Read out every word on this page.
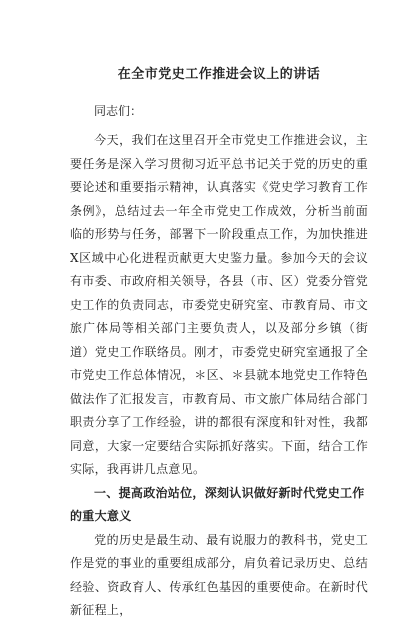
在全市党史工作推进会议上的讲话
同志们：

今天，我们在这里召开全市党史工作推进会议，主要任务是深入学习贯彻习近平总书记关于党的历史的重要论述和重要指示精神，认真落实《党史学习教育工作条例》，总结过去一年全市党史工作成效，分析当前面临的形势与任务，部署下一阶段重点工作，为加快推进X区域中心化进程贡献更大史鉴力量。参加今天的会议有市委、市政府相关领导，各县（市、区）党委分管党史工作的负责同志，市委党史研究室、市教育局、市文旅广体局等相关部门主要负责人，以及部分乡镇（街道）党史工作联络员。刚才，市委党史研究室通报了全市党史工作总体情况，＊区、＊县就本地党史工作特色做法作了汇报发言，市教育局、市文旅广体局结合部门职责分享了工作经验，讲的都很有深度和针对性，我都同意，大家一定要结合实际抓好落实。下面，结合工作实际，我再讲几点意见。

一、提高政治站位，深刻认识做好新时代党史工作的重大意义

党的历史是最生动、最有说服力的教科书，党史工作是党的事业的重要组成部分，肩负着记录历史、总结经验、资政育人、传承红色基因的重要使命。在新时代新征程上，
